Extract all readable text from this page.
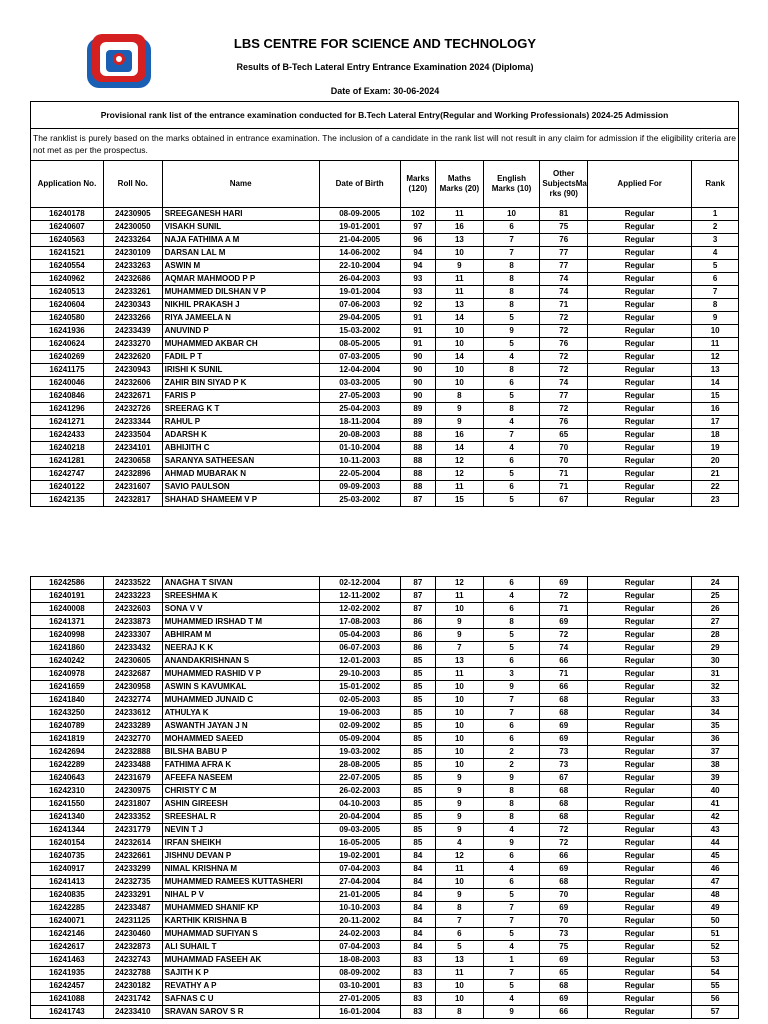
LBS CENTRE FOR SCIENCE AND TECHNOLOGY
Results of B-Tech Lateral Entry Entrance Examination 2024 (Diploma)
Date of Exam: 30-06-2024
Provisional rank list of the entrance examination conducted for B.Tech Lateral Entry(Regular and Working Professionals) 2024-25 Admission
The ranklist is purely based on the marks obtained in entrance examination. The inclusion of a candidate in the rank list will not result in any claim for admission if the eligibility criteria are not met as per the prospectus.
Application No.	Roll No.	Name	Date of Birth	Marks (120)	Maths Marks (20)	English Marks (10)	Other SubjectsMa rks (90)	Applied For	Rank
16240178	24230905	SREEGANESH HARI	08-09-2005	102	11	10	81	Regular	1
16240607	24230050	VISAKH SUNIL	19-01-2001	97	16	6	75	Regular	2
16240563	24233264	NAJA FATHIMA A M	21-04-2005	96	13	7	76	Regular	3
16241521	24230109	DARSAN LAL M	14-06-2002	94	10	7	77	Regular	4
16240554	24233263	ASWIN M	22-10-2004	94	9	8	77	Regular	5
16240962	24232686	AQMAR MAHMOOD P P	26-04-2003	93	11	8	74	Regular	6
16240513	24233261	MUHAMMED DILSHAN V P	19-01-2004	93	11	8	74	Regular	7
16240604	24230343	NIKHIL PRAKASH J	07-06-2003	92	13	8	71	Regular	8
16240580	24233266	RIYA JAMEELA N	29-04-2005	91	14	5	72	Regular	9
16241936	24233439	ANUVIND P	15-03-2002	91	10	9	72	Regular	10
16240624	24233270	MUHAMMED AKBAR CH	08-05-2005	91	10	5	76	Regular	11
16240269	24232620	FADIL P T	07-03-2005	90	14	4	72	Regular	12
16241175	24230943	IRISHI K SUNIL	12-04-2004	90	10	8	72	Regular	13
16240046	24232606	ZAHIR BIN SIYAD P K	03-03-2005	90	10	6	74	Regular	14
16240846	24232671	FARIS P	27-05-2003	90	8	5	77	Regular	15
16241296	24232726	SREERAG K T	25-04-2003	89	9	8	72	Regular	16
16241271	24233344	RAHUL P	18-11-2004	89	9	4	76	Regular	17
16242433	24233504	ADARSH K	20-08-2003	88	16	7	65	Regular	18
16240218	24234101	ABHIJITH C	01-10-2004	88	14	4	70	Regular	19
16241281	24230658	SARANYA SATHEESAN	10-11-2003	88	12	6	70	Regular	20
16242747	24232896	AHMAD MUBARAK N	22-05-2004	88	12	5	71	Regular	21
16240122	24231607	SAVIO PAULSON	09-09-2003	88	11	6	71	Regular	22
16242135	24232817	SHAHAD SHAMEEM V P	25-03-2002	87	15	5	67	Regular	23
16242586	24233522	ANAGHA T SIVAN	02-12-2004	87	12	6	69	Regular	24
16240191	24233223	SREESHMA K	12-11-2002	87	11	4	72	Regular	25
16240008	24232603	SONA V V	12-02-2002	87	10	6	71	Regular	26
16241371	24233873	MUHAMMED IRSHAD T M	17-08-2003	86	9	8	69	Regular	27
16240998	24233307	ABHIRAM M	05-04-2003	86	9	5	72	Regular	28
16241860	24233432	NEERAJ K K	06-07-2003	86	7	5	74	Regular	29
16240242	24230605	ANANDAKRISHNAN S	12-01-2003	85	13	6	66	Regular	30
16240978	24232687	MUHAMMED RASHID V P	29-10-2003	85	11	3	71	Regular	31
16241659	24230958	ASWIN S KAVUMKAL	15-01-2002	85	10	9	66	Regular	32
16241840	24232774	MUHAMMED JUNAID C	02-05-2003	85	10	7	68	Regular	33
16243250	24233612	ATHULYA K	19-06-2003	85	10	7	68	Regular	34
16240789	24233289	ASWANTH JAYAN J N	02-09-2002	85	10	6	69	Regular	35
16241819	24232770	MOHAMMED SAEED	05-09-2004	85	10	6	69	Regular	36
16242694	24232888	BILSHA BABU P	19-03-2002	85	10	2	73	Regular	37
16242289	24233488	FATHIMA AFRA K	28-08-2005	85	10	2	73	Regular	38
16240643	24231679	AFEEFA NASEEM	22-07-2005	85	9	9	67	Regular	39
16242310	24230975	CHRISTY C M	26-02-2003	85	9	8	68	Regular	40
16241550	24231807	ASHIN GIREESH	04-10-2003	85	9	8	68	Regular	41
16241340	24233352	SREESHAL R	20-04-2004	85	9	8	68	Regular	42
16241344	24231779	NEVIN T J	09-03-2005	85	9	4	72	Regular	43
16240154	24232614	IRFAN SHEIKH	16-05-2005	85	4	9	72	Regular	44
16240735	24232661	JISHNU DEVAN P	19-02-2001	84	12	6	66	Regular	45
16240917	24233299	NIMAL KRISHNA M	07-04-2003	84	11	4	69	Regular	46
16241413	24232735	MUHAMMED RAMEES KUTTASHERI	27-04-2004	84	10	6	68	Regular	47
16240835	24233291	NIHAL P V	21-01-2005	84	9	5	70	Regular	48
16242285	24233487	MUHAMMED SHANIF KP	10-10-2003	84	8	7	69	Regular	49
16240071	24231125	KARTHIK KRISHNA B	20-11-2002	84	7	7	70	Regular	50
16242146	24230460	MUHAMMAD SUFIYAN S	24-02-2003	84	6	5	73	Regular	51
16242617	24232873	ALI SUHAIL T	07-04-2003	84	5	4	75	Regular	52
16241463	24232743	MUHAMMAD FASEEH AK	18-08-2003	83	13	1	69	Regular	53
16241935	24232788	SAJITH K P	08-09-2002	83	11	7	65	Regular	54
16242457	24230182	REVATHY A P	03-10-2001	83	10	5	68	Regular	55
16241088	24231742	SAFNAS C U	27-01-2005	83	10	4	69	Regular	56
16241743	24233410	SRAVAN SAROV S R	16-01-2004	83	8	9	66	Regular	57
